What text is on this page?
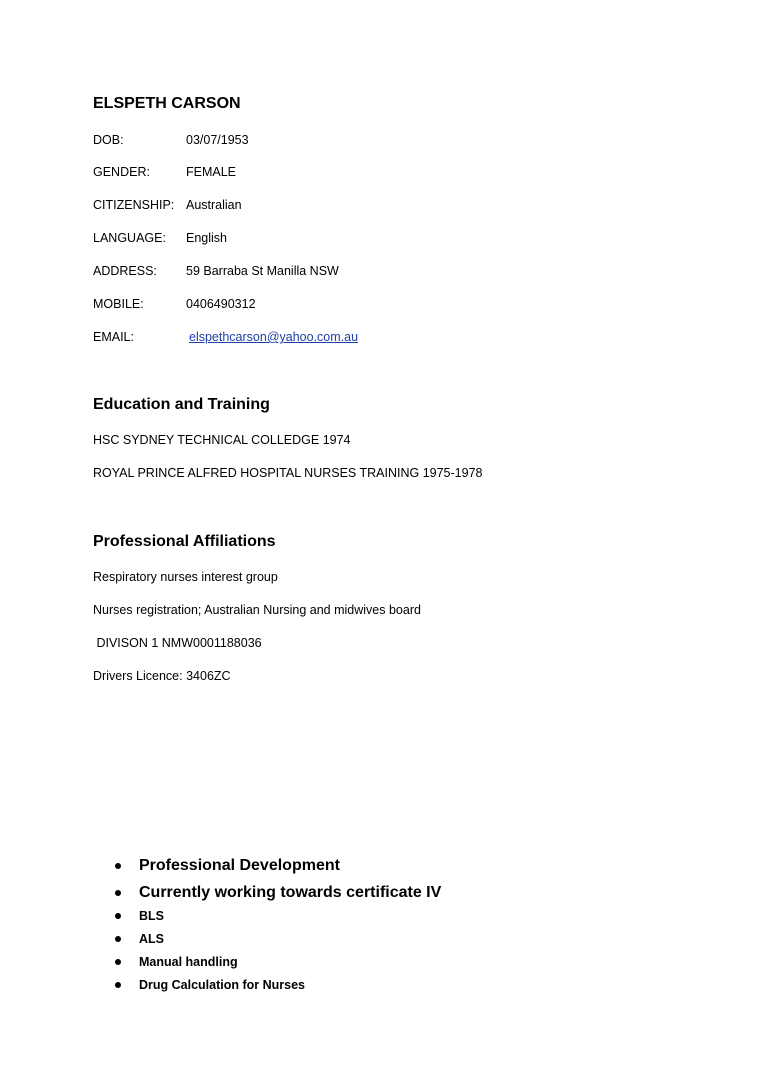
ELSPETH CARSON
DOB:	03/07/1953
GENDER:	FEMALE
CITIZENSHIP: Australian
LANGUAGE: English
ADDRESS: 59 Barraba St Manilla NSW
MOBILE:	0406490312
EMAIL:	elspethcarson@yahoo.com.au
Education and Training
HSC SYDNEY TECHNICAL COLLEDGE 1974
ROYAL PRINCE ALFRED HOSPITAL NURSES TRAINING 1975-1978
Professional Affiliations
Respiratory nurses interest group
Nurses registration; Australian Nursing and midwives board
DIVISON 1 NMW0001188036
Drivers Licence: 3406ZC
Professional Development
Currently working towards certificate IV
BLS
ALS
Manual handling
Drug Calculation for Nurses
